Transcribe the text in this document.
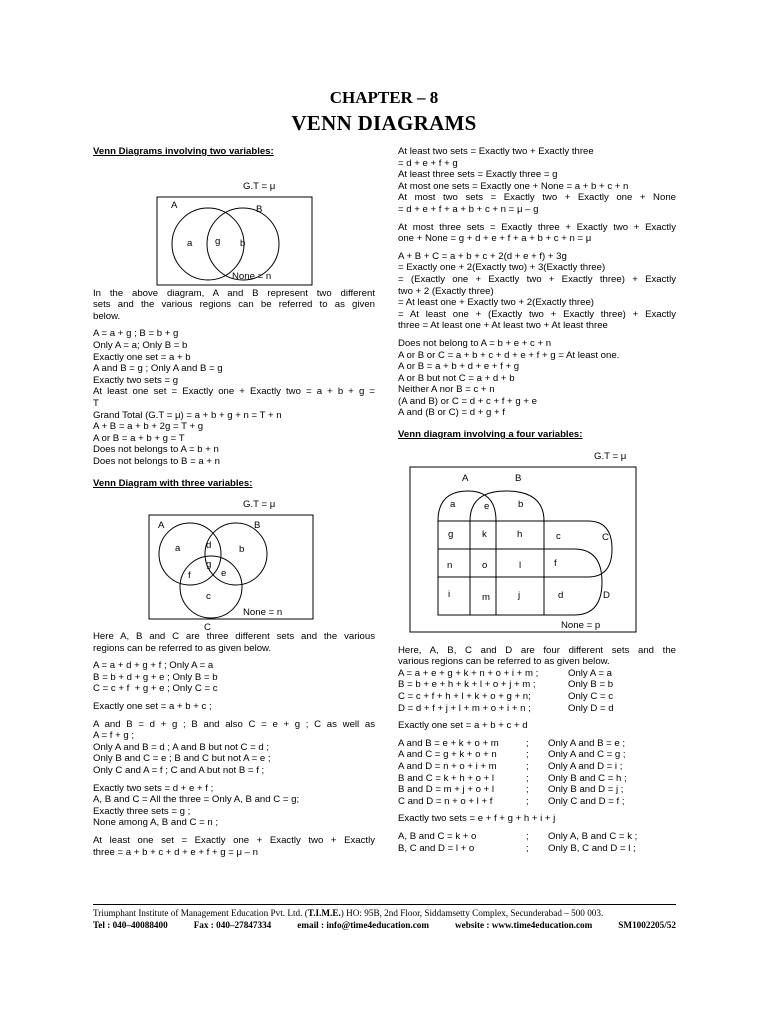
CHAPTER – 8
VENN DIAGRAMS
Venn Diagrams involving two variables:
G.T = μ
A	B
a g b
None = n
In the above diagram, A and B represent two different
sets and the various regions can be referred to as given
below.
A = a + g ; B = b + g
Only A = a; Only B = b
Exactly one set = a + b
A and B = g ; Only A and B = g
Exactly two sets = g
At least one set = Exactly one + Exactly two = a + b + g =
T
Grand Total (G.T = μ) = a + b + g + n = T + n
A + B = a + b + 2g = T + g
A or B = a + b + g = T
Does not belongs to A = b + n
Does not belongs to B = a + n
Venn Diagram with three variables:
G.T = μ
A	B
C
a	d	b
g
f	e
c
None = n
Here A, B and C are three different sets and the various
regions can be referred to as given below.
A = a + d + g + f ; Only A = a
B = b + d + g + e ; Only B = b
C = c + f  + g + e ; Only C = c
Exactly one set = a + b + c ;
A and B = d + g ; B and also C = e + g ; C as well as
A = f + g ;
Only A and B = d ; A and B but not C = d ;
Only B and C = e ; B and C but not A = e ;
Only C and A = f ; C and A but not B = f ;
Exactly two sets = d + e + f ;
A, B and C = All the three = Only A, B and C = g;
Exactly three sets = g ;
None among A, B and C = n ;
At least one set = Exactly one + Exactly two + Exactly
three = a + b + c + d + e + f + g = μ – n
At least two sets = Exactly two + Exactly three
= d + e + f + g
At least three sets = Exactly three = g
At most one sets = Exactly one + None = a + b + c + n
At most two sets = Exactly two + Exactly one + None
= d + e + f + a + b + c + n = μ – g
At most three sets = Exactly three + Exactly two + Exactly
one + None = g + d + e + f + a + b + c + n = μ
A + B + C = a + b + c + 2(d + e + f) + 3g
= Exactly one + 2(Exactly two) + 3(Exactly three)
= (Exactly one + Exactly two + Exactly three) + Exactly
two + 2 (Exactly three)
= At least one + Exactly two + 2(Exactly three)
= At least one + (Exactly two + Exactly three) + Exactly
three = At least one + At least two + At least three
Does not belong to A = b + e + c + n
A or B or C = a + b + c + d + e + f + g = At least one.
A or B = a + b + d + e + f + g
A or B but not C = a + d + b
Neither A nor B = c + n
(A and B) or C = d + c + f + g + e
A and (B or C) = d + g + f
Venn diagram involving a four variables:
G.T = μ
A	B
C
D
a	e	b
g	k	h	c
n	o	l	f
i	m	j	d
None = p
Here, A, B, C and D are four different sets and the
various regions can be referred to as given below.
A = a + e + g + k + n + o + i + m ;	Only A = a
B = b + e + h + k + l + o + j + m ;	Only B = b
C = c + f + h + l + k + o + g + n;	Only C = c
D = d + f + j + l + m + o + i + n ;	Only D = d
Exactly one set = a + b + c + d
A and B = e + k + o + m	;	Only A and B = e ;
A and C = g + k + o + n	;	Only A and C = g ;
A and D = n + o + i + m	;	Only A and D = i ;
B and C = k + h + o + l	;	Only B and C = h ;
B and D = m + j + o + l	;	Only B and D = j ;
C and D = n + o + l + f	;	Only C and D = f ;
Exactly two sets = e + f + g + h + i + j
A, B and C = k + o	;	Only A, B and C = k ;
B, C and D = l + o	;	Only B, C and D = l ;
Triumphant Institute of Management Education Pvt. Ltd. (T.I.M.E.) HO: 95B, 2nd Floor, Siddamsetty Complex, Secunderabad – 500 003.
Tel : 040–40088400	Fax : 040–27847334	email : info@time4education.com	website : www.time4education.com	SM1002205/52
